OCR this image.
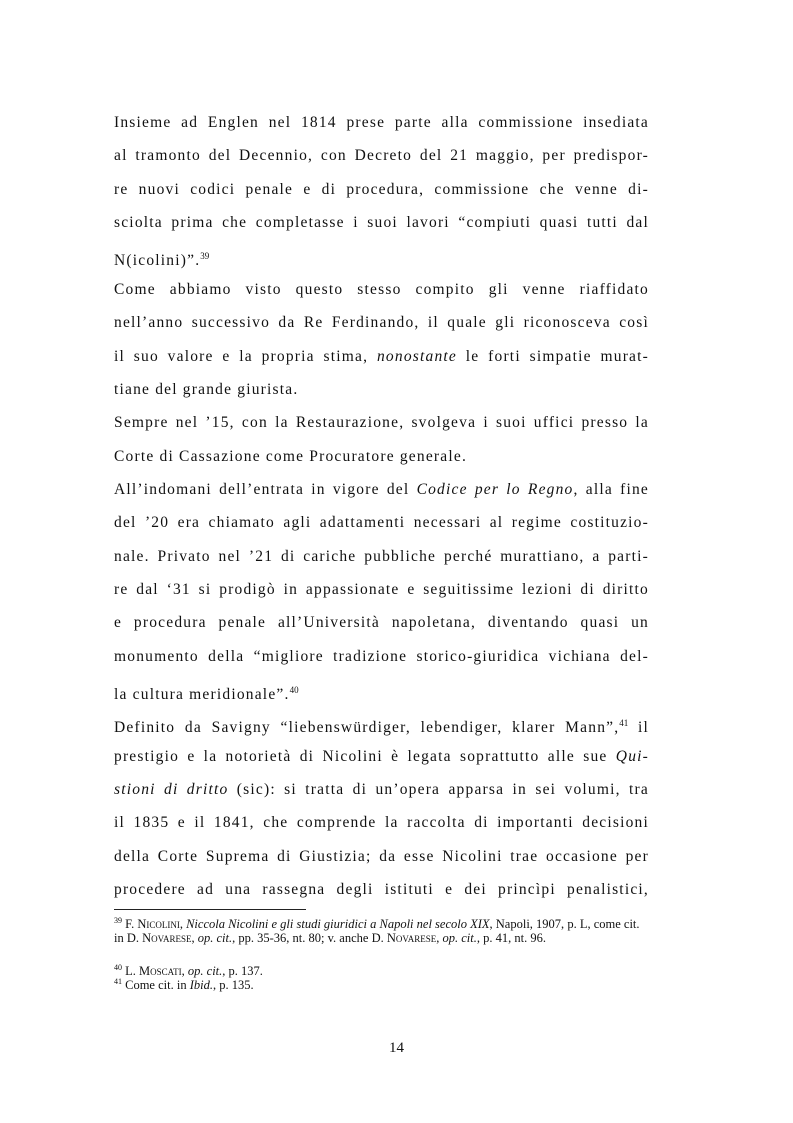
Insieme ad Englen nel 1814 prese parte alla commissione insediata
al tramonto del Decennio, con Decreto del 21 maggio, per predispor-
re nuovi codici penale e di procedura, commissione che venne di-
sciolta prima che completasse i suoi lavori “compiuti quasi tutti dal
N(icolini)”.$^{39}$
Come abbiamo visto questo stesso compito gli venne riaffidato
nell’anno successivo da Re Ferdinando, il quale gli riconosceva così
il suo valore e la propria stima, nonostante le forti simpatie murat-
tiane del grande giurista.
Sempre nel ’15, con la Restaurazione, svolgeva i suoi uffici presso la
Corte di Cassazione come Procuratore generale.
All’indomani dell’entrata in vigore del Codice per lo Regno, alla fine
del ’20 era chiamato agli adattamenti necessari al regime costituzio-
nale. Privato nel ’21 di cariche pubbliche perché murattiano, a parti-
re dal ‘31 si prodigò in appassionate e seguitissime lezioni di diritto
e procedura penale all’Università napoletana, diventando quasi un
monumento della “migliore tradizione storico-giuridica vichiana del-
la cultura meridionale”.$^{40}$
Definito da Savigny “liebenswürdiger, lebendiger, klarer Mann”,$^{41}$ il
prestigio e la notorietà di Nicolini è legata soprattutto alle sue Qui-
stioni di dritto (sic): si tratta di un’opera apparsa in sei volumi, tra
il 1835 e il 1841, che comprende la raccolta di importanti decisioni
della Corte Suprema di Giustizia; da esse Nicolini trae occasione per
procedere ad una rassegna degli istituti e dei princìpi penalistici,
$^{39}$ F. Nicolini, Niccola Nicolini e gli studi giuridici a Napoli nel secolo XIX, Napoli, 1907, p. L, come cit. in D. Novarese, op. cit., pp. 35-36, nt. 80; v. anche D. Novarese, op. cit., p. 41, nt. 96.
$^{40}$ L. Moscati, op. cit., p. 137.
$^{41}$ Come cit. in Ibid., p. 135.
14
